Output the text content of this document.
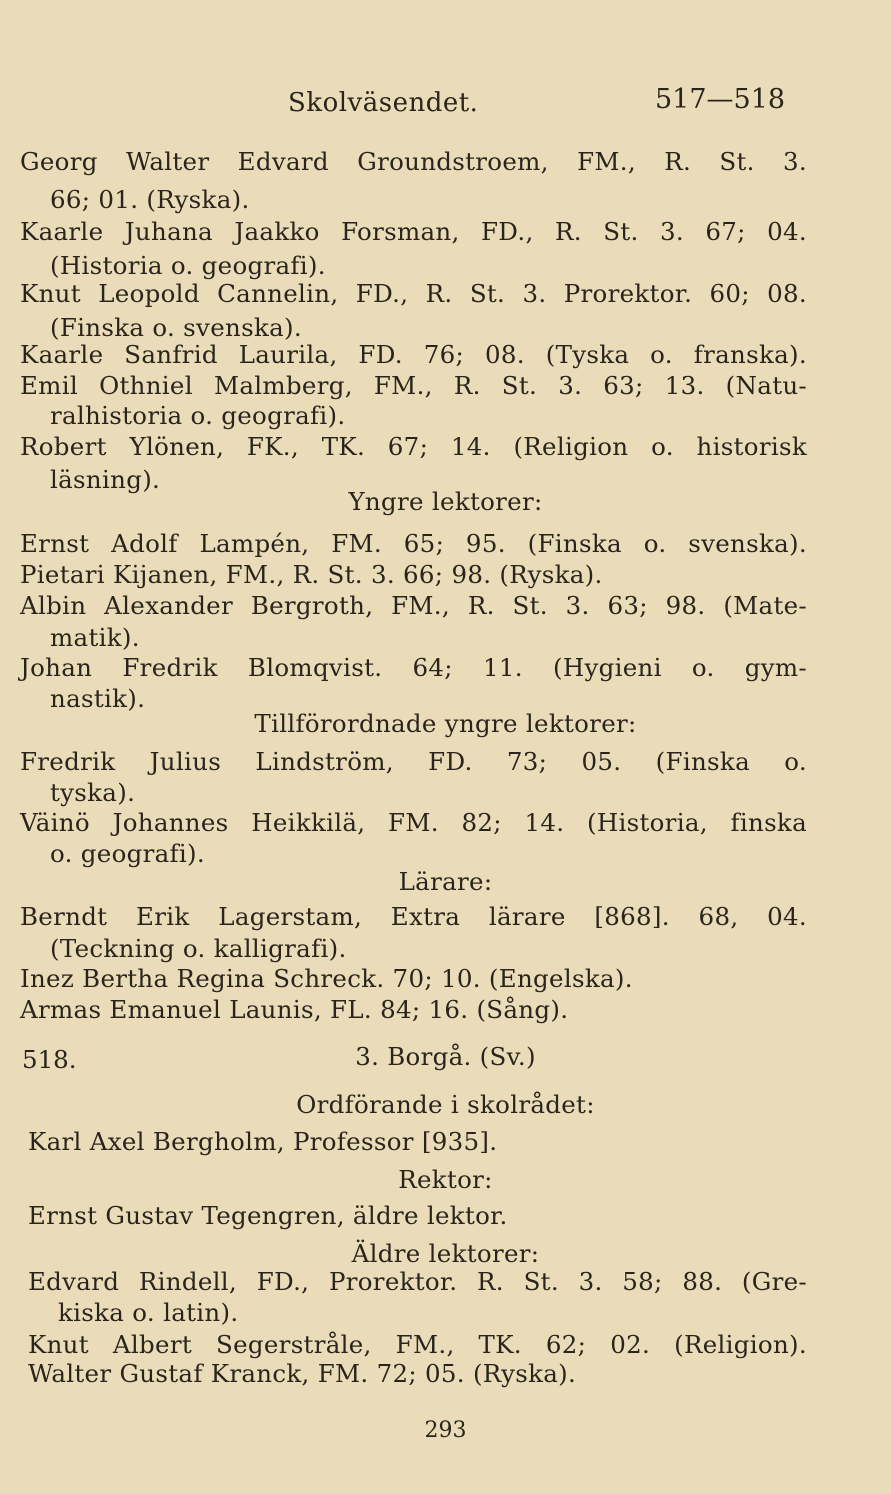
Skolväsendet.	517—518
Georg Walter Edvard Groundstroem, FM., R. St. 3.
66; 01. (Ryska).
Kaarle Juhana Jaakko Forsman, FD., R. St. 3. 67; 04.
(Historia o. geografi).
Knut Leopold Cannelin, FD., R. St. 3. Prorektor. 60; 08.
(Finska o. svenska).
Kaarle Sanfrid Laurila, FD. 76; 08. (Tyska o. franska).
Emil Othniel Malmberg, FM., R. St. 3. 63; 13. (Natu-
ralhistoria o. geografi).
Robert Ylönen, FK., TK. 67; 14. (Religion o. historisk
läsning).
Yngre lektorer:
Ernst Adolf Lampén, FM. 65; 95. (Finska o. svenska).
Pietari Kijanen, FM., R. St. 3. 66; 98. (Ryska).
Albin Alexander Bergroth, FM., R. St. 3. 63; 98. (Mate-
matik).
Johan Fredrik Blomqvist. 64; 11. (Hygieni o. gym-
nastik).
Tillförordnade yngre lektorer:
Fredrik Julius Lindström, FD. 73; 05. (Finska o.
tyska).
Väinö Johannes Heikkilä, FM. 82; 14. (Historia, finska
o. geografi).
Lärare:
Berndt Erik Lagerstam, Extra lärare [868]. 68, 04.
(Teckning o. kalligrafi).
Inez Bertha Regina Schreck. 70; 10. (Engelska).
Armas Emanuel Launis, FL. 84; 16. (Sång).
518.	3. Borgå. (Sv.)
Ordförande i skolrådet:
Karl Axel Bergholm, Professor [935].
Rektor:
Ernst Gustav Tegengren, äldre lektor.
Äldre lektorer:
Edvard Rindell, FD., Prorektor. R. St. 3. 58; 88. (Gre-
kiska o. latin).
Knut Albert Segerstråle, FM., TK. 62; 02. (Religion).
Walter Gustaf Kranck, FM. 72; 05. (Ryska).
293
